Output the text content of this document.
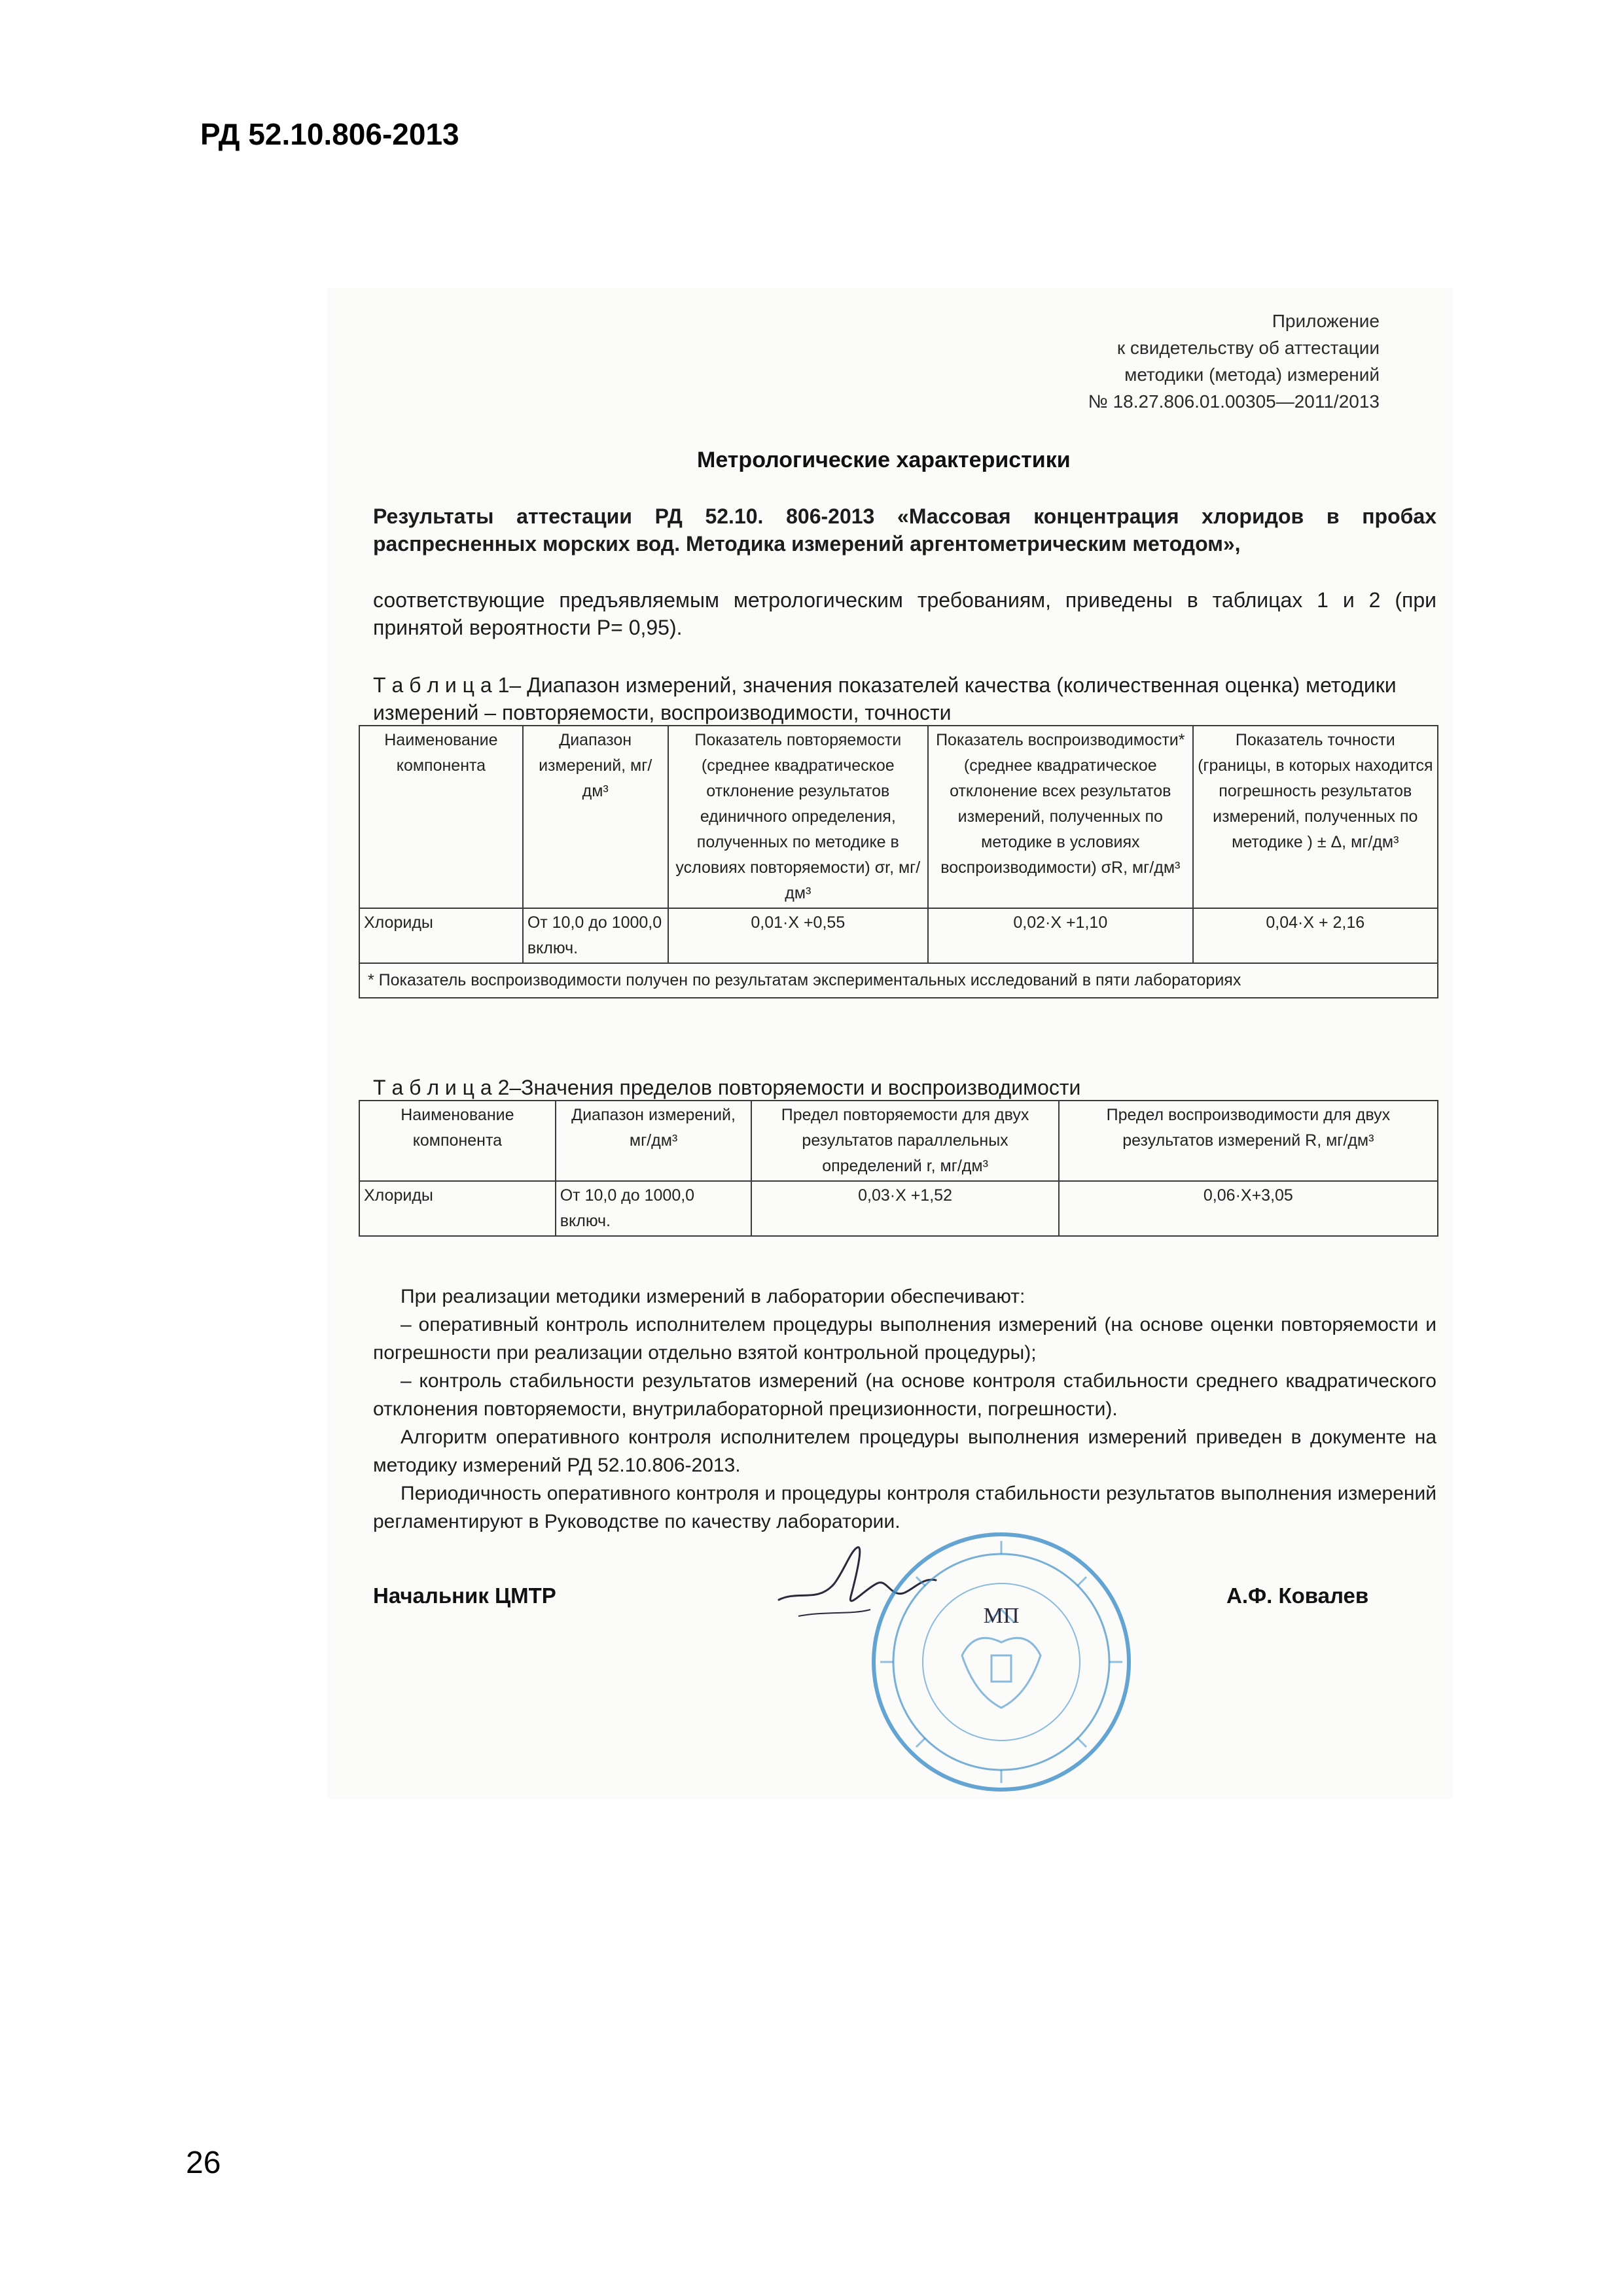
РД 52.10.806-2013
Приложение
к свидетельству об аттестации
методики (метода) измерений
№ 18.27.806.01.00305—2011/2013
Метрологические характеристики
Результаты аттестации РД 52.10. 806-2013 «Массовая концентрация хлоридов в пробах распресненных морских вод. Методика измерений аргентометрическим методом»,
соответствующие предъявляемым метрологическим требованиям, приведены в таблицах 1 и 2 (при принятой вероятности Р= 0,95).
Т а б л и ц а 1– Диапазон измерений, значения показателей качества (количественная оценка) методики измерений – повторяемости, воспроизводимости, точности
Наименование компонента	Диапазон измерений, мг/дм³	Показатель повторяемости (среднее квадратическое отклонение результатов единичного определения, полученных по методике в условиях повторяемости) σr, мг/дм³	Показатель воспроизводимости* (среднее квадратическое отклонение всех результатов измерений, полученных по методике в условиях воспроизводимости) σR, мг/дм³	Показатель точности (границы, в которых находится погрешность результатов измерений, полученных по методике ) ± Δ, мг/дм³
Хлориды	От 10,0 до 1000,0 включ.	0,01·X +0,55	0,02·X +1,10	0,04·X + 2,16
* Показатель воспроизводимости получен по результатам экспериментальных исследований в пяти лабораториях				
Т а б л и ц а 2–Значения пределов повторяемости и воспроизводимости
Наименование компонента	Диапазон измерений, мг/дм³	Предел повторяемости для двух результатов параллельных определений r, мг/дм³	Предел воспроизводимости для двух результатов измерений R, мг/дм³
Хлориды	От 10,0 до 1000,0 включ.	0,03·X +1,52	0,06·X+3,05

При реализации методики измерений в лаборатории обеспечивают:

– оперативный контроль исполнителем процедуры выполнения измерений (на основе оценки повторяемости и погрешности при реализации отдельно взятой контрольной процедуры);

– контроль стабильности результатов измерений (на основе контроля стабильности среднего квадратического отклонения повторяемости, внутрилабораторной прецизионности, погрешности).

Алгоритм оперативного контроля исполнителем процедуры выполнения измерений приведен в документе на методику измерений РД 52.10.806-2013.

Периодичность оперативного контроля и процедуры контроля стабильности результатов выполнения измерений регламентируют в Руководстве по качеству лаборатории.

Начальник ЦМТР	А.Ф. Ковалев
МП
26
